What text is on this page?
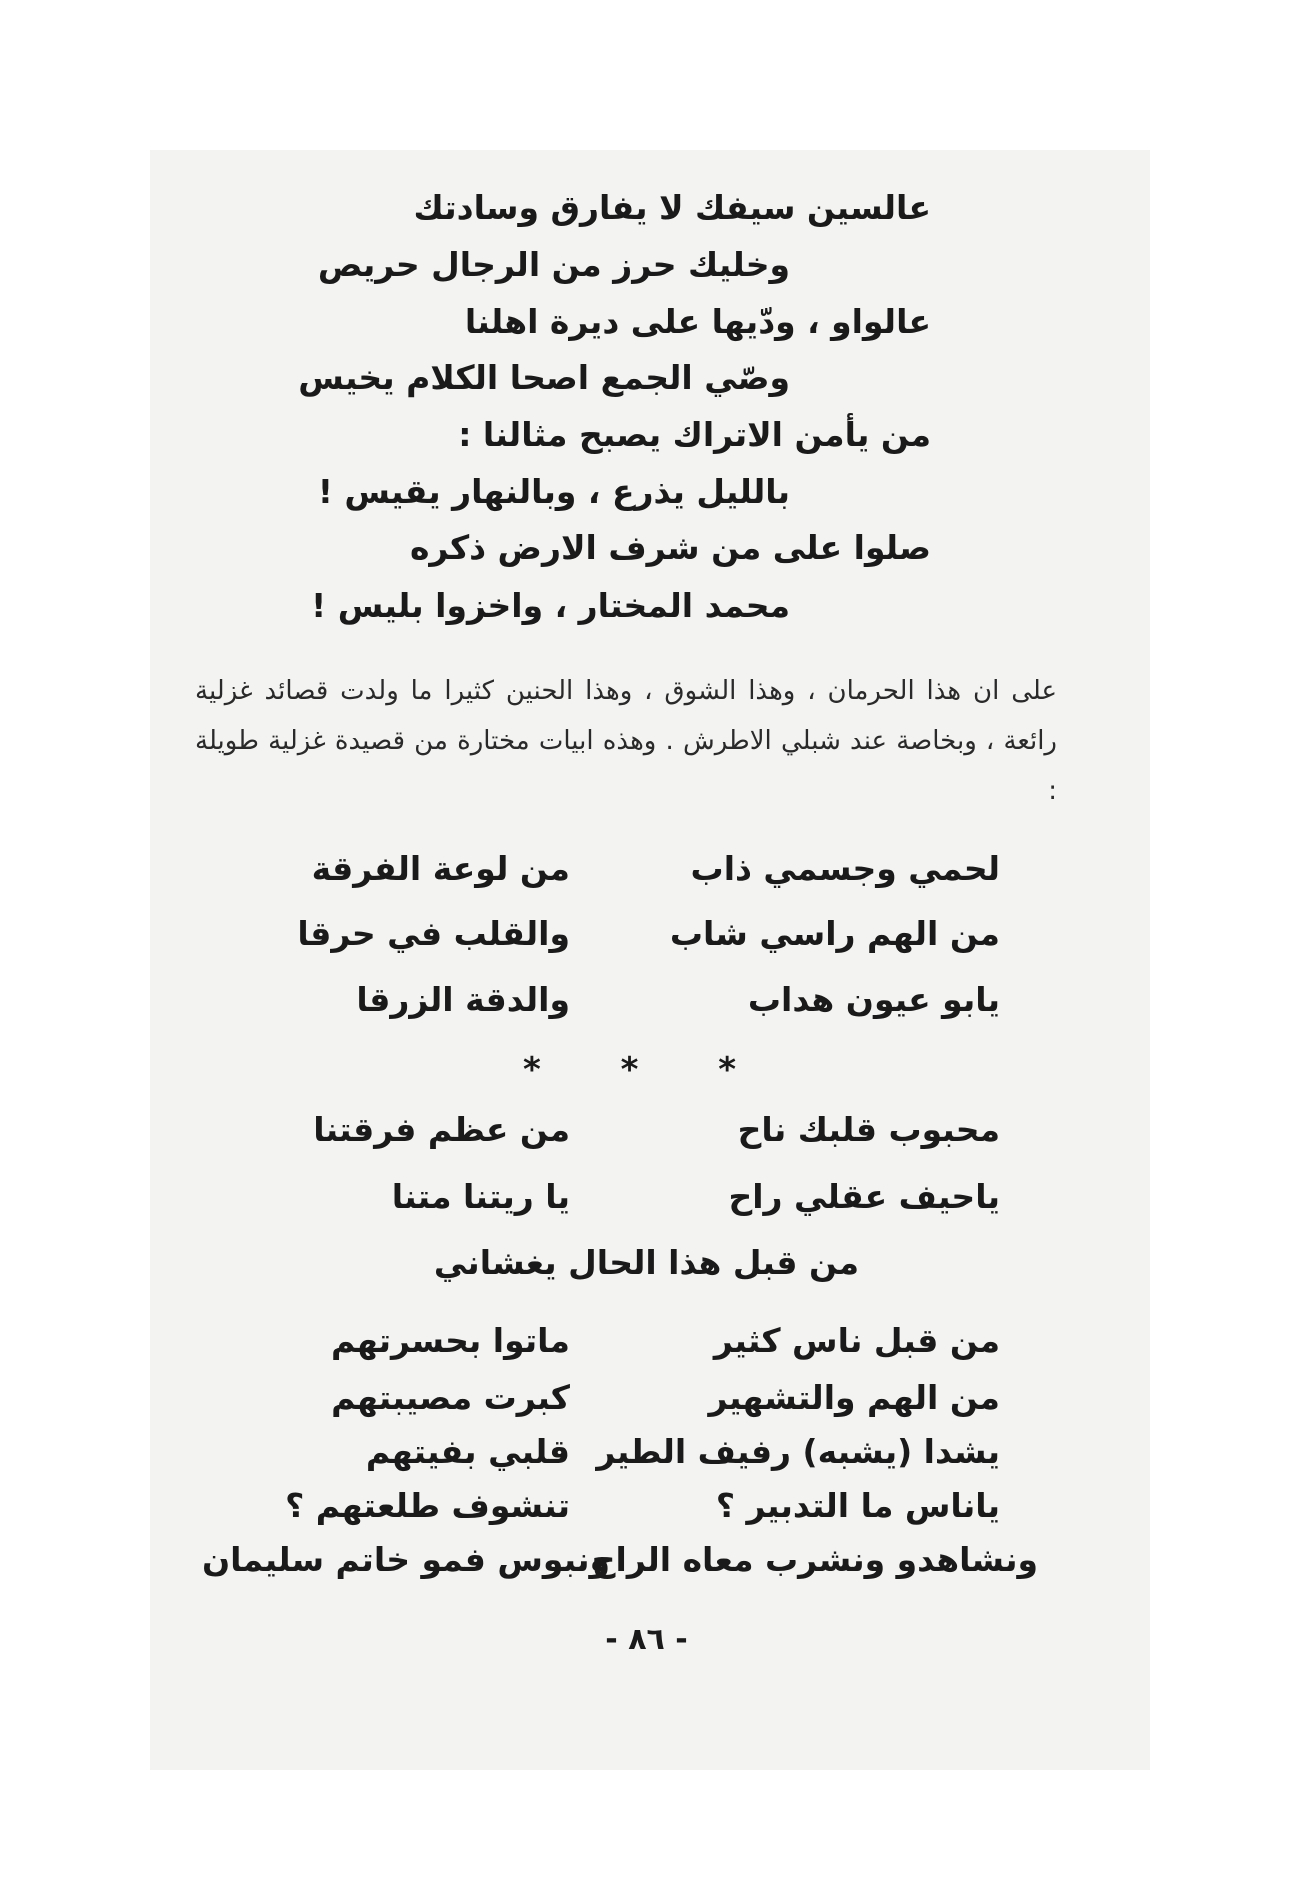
عالسين سيفك لا يفارق وسادتك
وخليك حرز من الرجال حريص
عالواو ، ودّيها على ديرة اهلنا
وصّي الجمع اصحا الكلام يخيس
من يأمن الاتراك يصبح مثالنا :
بالليل يذرع ، وبالنهار يقيس !
صلوا على من شرف الارض ذكره
محمد المختار ، واخزوا بليس !
على ان هذا الحرمان ، وهذا الشوق ، وهذا الحنين كثيرا ما ولدت قصائد غزلية رائعة ، وبخاصة عند شبلي الاطرش . وهذه ابيات مختارة من قصيدة غزلية طويلة :
لحمي وجسمي ذاب
من لوعة الفرقة
من الهم راسي شاب
والقلب في حرقا
يابو عيون هداب
والدقة الزرقا
* * *
محبوب قلبك ناح
من عظم فرقتنا
ياحيف عقلي راح
يا ريتنا متنا
من قبل هذا الحال يغشاني
من قبل ناس كثير
ماتوا بحسرتهم
من الهم والتشهير
كبرت مصيبتهم
يشدا (يشبه) رفيف الطير
قلبي بفيتهم
ياناس ما التدبير ؟
تنشوف طلعتهم ؟
ونشاهدو ونشرب معاه الراح
ونبوس فمو خاتم سليمان
- ٨٦ -
